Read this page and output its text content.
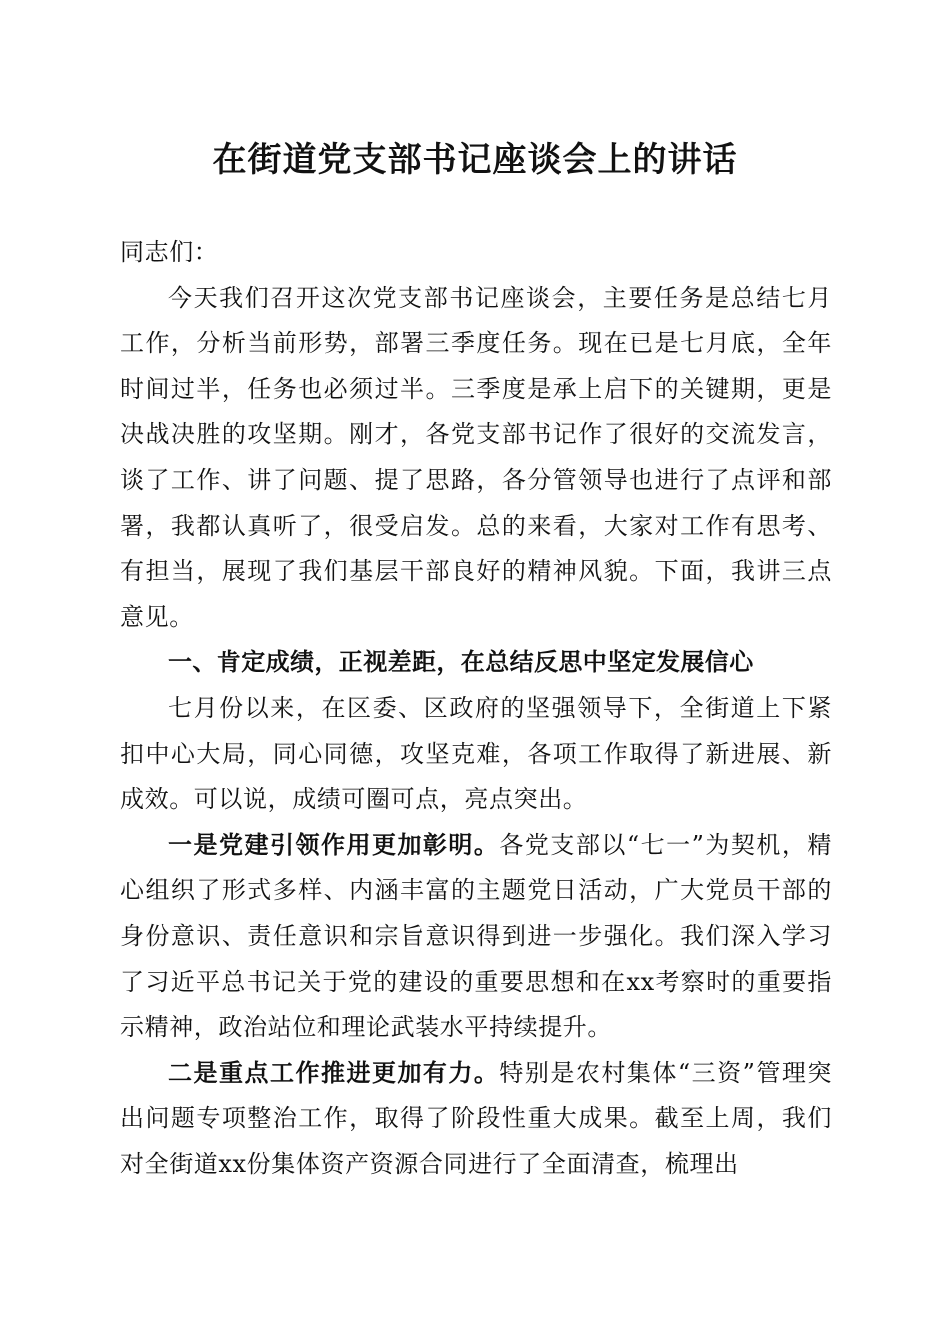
在街道党支部书记座谈会上的讲话

同志们：

今天我们召开这次党支部书记座谈会，主要任务是总结七月工作，分析当前形势，部署三季度任务。现在已是七月底，全年时间过半，任务也必须过半。三季度是承上启下的关键期，更是决战决胜的攻坚期。刚才，各党支部书记作了很好的交流发言，谈了工作、讲了问题、提了思路，各分管领导也进行了点评和部署，我都认真听了，很受启发。总的来看，大家对工作有思考、有担当，展现了我们基层干部良好的精神风貌。下面，我讲三点意见。

一、肯定成绩，正视差距，在总结反思中坚定发展信心

七月份以来，在区委、区政府的坚强领导下，全街道上下紧扣中心大局，同心同德，攻坚克难，各项工作取得了新进展、新成效。可以说，成绩可圈可点，亮点突出。

一是党建引领作用更加彰明。各党支部以“七一”为契机，精心组织了形式多样、内涵丰富的主题党日活动，广大党员干部的身份意识、责任意识和宗旨意识得到进一步强化。我们深入学习了习近平总书记关于党的建设的重要思想和在xx考察时的重要指示精神，政治站位和理论武装水平持续提升。

二是重点工作推进更加有力。特别是农村集体“三资”管理突出问题专项整治工作，取得了阶段性重大成果。截至上周，我们对全街道xx份集体资产资源合同进行了全面清查，梳理出
